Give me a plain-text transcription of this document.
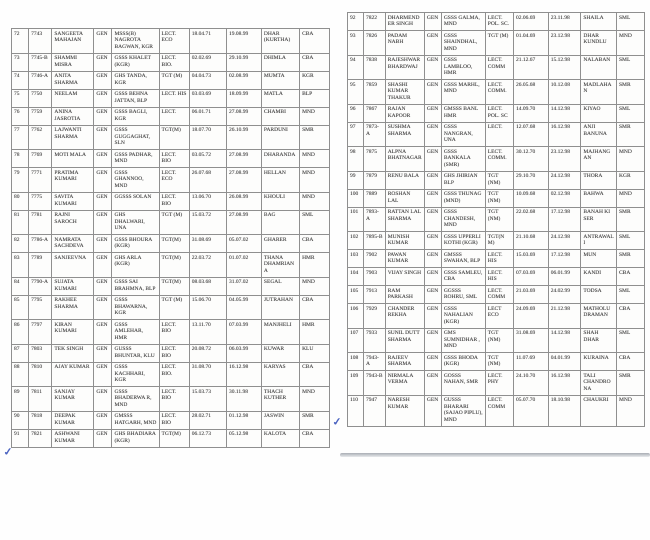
72	7743	SANGEETA MAHAJAN	GEN	MSSS(B) NAGROTA BAGWAN, KGR	LECT. ECO	18.04.71	19.08.99	DHAR (KURTHA)	CBA
73	7745-B	SHAMMI MISRA	GEN	GSSS KHALET (KGR)	LECT. BIO.	02.02.69	29.10.99	DHIMLA	CBA
74	7746-A	ANITA SHARMA	GEN	GHS TANDA, KGR	TGT (M)	04.04.73	02.08.99	MUMTA	KGR
75	7750	NEELAM	GEN	GSSS BEHNA JATTAN, BLP	LECT. HIS	03.03.69	18.09.99	MATLA	BLP
76	7759	ANINA JASROTIA	GEN	GSSS BAGLI, KGR	LECT.	06.01.71	27.08.99	CHAMBI	MND
77	7762	LAJWANTI SHARMA	GEN	GSSS GUGGAGHAT, SLN	TGT(M)	18.07.70	26.10.99	PARDUNI	SMR
78	7769	MOTI MALA	GEN	GSSS PADHAR, MND	LECT. BIO	03.05.72	27.08.99	DHARANDA	MND
79	7771	PRATIMA KUMARI	GEN	GSSS GHANNOO, MND	LECT. ECO	26.07.68	27.08.99	HELLAN	MND
80	7775	SAVITA KUMARI	GEN	GGSSS SOLAN	LECT. BIO	13.06.70	26.08.99	KHOULI	MND
81	7781	RAJNI SAROCH	GEN	GHS DHALWARI, UNA	TGT (M)	15.03.72	27.08.99	BAG	SML
82	7786-A	NAMRATA SACHDEVA	GEN	GSSS BHOURA (KGR)	TGT(M)	31.08.69	05.07.02	GHARER	CBA
83	7789	SANJEEVNA	GEN	GHS ARLA (KGR)	TGT(M)	22.03.72	01.07.02	THANA DHAMRIANA	HMR
84	7790-A	SUJATA KUMARI	GEN	GSSS SAI BRAHMNA, BLP	TGT(M)	08.03.68	31.07.02	SEGAL	MND
85	7795	RAKHEE SHARMA	GEN	GSSS BHAWARNA, KGR	TGT (M)	15.06.70	04.05.99	JUTRAHAN	CBA
86	7797	KIRAN KUMARI	GEN	GSSS AMLEHAR, HMR	LECT. BIO	13.11.70	07.03.99	MANJHELI	HMR
87	7803	TEK SINGH	GEN	GUSSS BHUNTAR, KLU	LECT. BIO	20.08.72	06.03.99	KUWAR	KLU
88	7810	AJAY KUMAR	GEN	GSSS KACHHARI, KGR	LECT. BIO.	31.08.70	16.12.98	KARYAS	CBA
89	7811	SANJAY KUMAR	GEN	GSSS BHADERWA R, MND	LECT. BIO	15.03.73	30.11.98	THACH KUTHER	MND
90	7818	DEEPAK KUMAR	GEN	GMSSS HATGARH, MND	LECT. BIO	28.02.71	01.12.98	JASWIN	SMR
91	7821	ASHWANI KUMAR	GEN	GHS BHADIARA (KGR)	TGT(M)	06.12.73	05.12.98	KALOTA	CBA
92	7822	DHARMEND ER SINGH	GEN	GSSS GALMA, MND	LECT. POL. SC.	02.06.69	23.11.98	SHAILA	SML
93	7826	PADAM NABH	GEN	GSSS SHAINDHAL, MND	TGT (M)	01.04.69	23.12.98	DHAR KUNDLU	MND
94	7838	RAJESHWAR BHARDWAJ	GEN	GSSS LAMBLOO, HMR	LECT. COMM	21.12.67	15.12.98	NALABAN	SML
95	7859	SHASHI KUMAR THAKUR	GEN	GSSS MARHL, MND	LECT. COMM.	26.05.68	10.12.08	MADLAHAN	SMR
96	7867	RAJAN KAPOOR	GEN	GMSSS BANL HMR	LECT. POL. SC	14.09.70	14.12.98	KIYAO	SML
97	7873-A	SUSHMA SHARMA	GEN	GSSS NANGRAN, UNA	LECT.	12.07.68	16.12.98	ANJI BANUNA	SMR
98	7875	ALPNA BHATNAGAR	GEN	GSSS BANKALA (SMR)	LECT. COMM.	30.12.70	23.12.98	MAJHANGAN	MND
99	7879	RENU BALA	GEN	GHS JHIRIAN BLP	TGT (NM)	29.10.70	24.12.98	THORA	KGR
100	7889	ROSHAN LAL	GEN	GSSS THUNAG (MND)	TGT (NM)	10.09.68	02.12.98	BAHWA	MND
101	7893-A	RATTAN LAL SHARMA	GEN	GSSS CHANDESH, MND	TGT (NM)	22.02.68	17.12.98	BANAH KI SER	SMR
102	7895-B	MUNISH KUMAR	GEN	GSSS UPPERLI KOTHI (KGR)	TGT(N M)	21.10.68	24.12.98	ANTRAWALI	SML
103	7902	PAWAN KUMAR	GEN	GMSSS SWAHAN, BLP	LECT. HIS	15.03.69	17.12.98	MUN	SMR
104	7903	VIJAY SINGH	GEN	GSSS SAMLEU, CBA	LECT. HIS	07.03.69	06.01.99	KANDI	CBA
105	7913	RAM PARKASH	GEN	GGSSS ROHRU, SML	LECT. COMM	21.03.69	24.02.99	TODSA	SML
106	7929	CHANDER REKHA	GEN	GSSS NAHALIAN (KGR)	LECT ECO	24.09.69	21.12.98	MATHOLU DRAMAN	CBA
107	7933	SUNIL DUTT SHARMA	GEN	GMS SUMNIDHAR , MND	TGT (NM)	31.08.69	14.12.98	SHAH DHAR	SML
108	7943-A	RAJEEV SHARMA	GEN	GSSS BHODA (KGR)	TGT (NM)	11.07.69	04.01.99	KURAINA	CBA
109	7943-B	NIRMALA VERMA	GEN	GOSSS NAHAN, SMR	LECT. PHY	24.10.70	16.12.98	TALI CHANDRONA	SMR
110	7947	NARESH KUMAR	GEN	GUSSS BHARARI (SAJAO PIPLU), MND	LECT. COMM	05.07.70	18.10.98	CHAUKRI	MND
✓
✓
